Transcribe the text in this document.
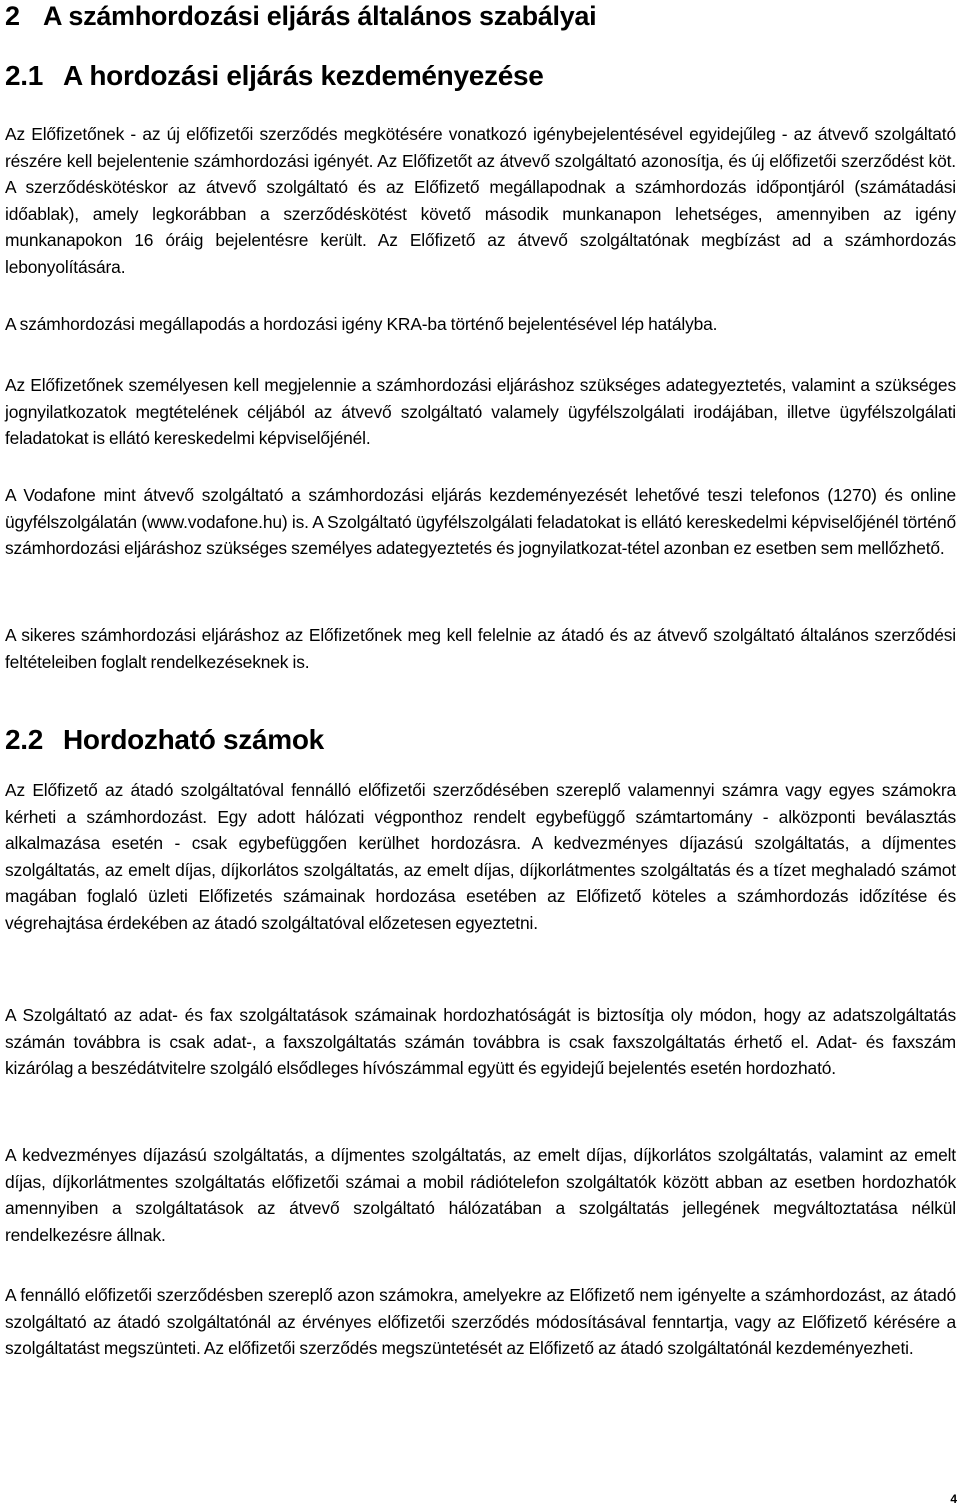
2 A számhordozási eljárás általános szabályai
2.1 A hordozási eljárás kezdeményezése

Az Előfizetőnek - az új előfizetői szerződés megkötésére vonatkozó igénybejelentésével egyidejűleg - az átvevő szolgáltató részére kell bejelentenie számhordozási igényét. Az Előfizetőt az átvevő szolgáltató azonosítja, és új előfizetői szerződést köt. A szerződéskötéskor az átvevő szolgáltató és az Előfizető megállapodnak a számhordozás időpontjáról (számátadási időablak), amely legkorábban a szerződéskötést követő második munkanapon lehetséges, amennyiben az igény munkanapokon 16 óráig bejelentésre került. Az Előfizető az átvevő szolgáltatónak megbízást ad a számhordozás lebonyolítására.

A számhordozási megállapodás a hordozási igény KRA-ba történő bejelentésével lép hatályba.

Az Előfizetőnek személyesen kell megjelennie a számhordozási eljáráshoz szükséges adategyeztetés, valamint a szükséges jognyilatkozatok megtételének céljából az átvevő szolgáltató valamely ügyfélszolgálati irodájában, illetve ügyfélszolgálati feladatokat is ellátó kereskedelmi képviselőjénél.

A Vodafone mint átvevő szolgáltató a számhordozási eljárás kezdeményezését lehetővé teszi telefonos (1270) és online ügyfélszolgálatán (www.vodafone.hu) is. A Szolgáltató ügyfélszolgálati feladatokat is ellátó kereskedelmi képviselőjénél történő számhordozási eljáráshoz szükséges személyes adategyeztetés és jognyilatkozat-tétel azonban ez esetben sem mellőzhető.

A sikeres számhordozási eljáráshoz az Előfizetőnek meg kell felelnie az átadó és az átvevő szolgáltató általános szerződési feltételeiben foglalt rendelkezéseknek is.

2.2 Hordozható számok

Az Előfizető az átadó szolgáltatóval fennálló előfizetői szerződésében szereplő valamennyi számra vagy egyes számokra kérheti a számhordozást. Egy adott hálózati végponthoz rendelt egybefüggő számtartomány - alközponti beválasztás alkalmazása esetén - csak egybefüggően kerülhet hordozásra. A kedvezményes díjazású szolgáltatás, a díjmentes szolgáltatás, az emelt díjas, díjkorlátos szolgáltatás, az emelt díjas, díjkorlátmentes szolgáltatás és a tízet meghaladó számot magában foglaló üzleti Előfizetés számainak hordozása esetében az Előfizető köteles a számhordozás időzítése és végrehajtása érdekében az átadó szolgáltatóval előzetesen egyeztetni.

A Szolgáltató az adat- és fax szolgáltatások számainak hordozhatóságát is biztosítja oly módon, hogy az adatszolgáltatás számán továbbra is csak adat-, a faxszolgáltatás számán továbbra is csak faxszolgáltatás érhető el. Adat- és faxszám kizárólag a beszédátvitelre szolgáló elsődleges hívószámmal együtt és egyidejű bejelentés esetén hordozható.

A kedvezményes díjazású szolgáltatás, a díjmentes szolgáltatás, az emelt díjas, díjkorlátos szolgáltatás, valamint az emelt díjas, díjkorlátmentes szolgáltatás előfizetői számai a mobil rádiótelefon szolgáltatók között abban az esetben hordozhatók amennyiben a szolgáltatások az átvevő szolgáltató hálózatában a szolgáltatás jellegének megváltoztatása nélkül rendelkezésre állnak.

A fennálló előfizetői szerződésben szereplő azon számokra, amelyekre az Előfizető nem igényelte a számhordozást, az átadó szolgáltató az átadó szolgáltatónál az érvényes előfizetői szerződés módosításával fenntartja, vagy az Előfizető kérésére a szolgáltatást megszünteti. Az előfizetői szerződés megszüntetését az Előfizető az átadó szolgáltatónál kezdeményezheti.

4
